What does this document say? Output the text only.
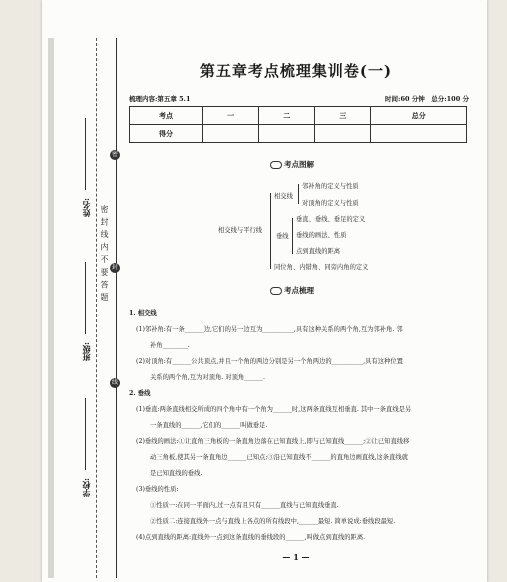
密 封 线 内 不 要 答 题
密
封
线
姓名:
班级:
学校:
第五章考点梳理集训卷(一)
梳理内容:第五章 5.1	时间:60 分钟　总分:100 分
考点	一	二	三	总分
得分				
考点图解
相交线与平行线
相交线
邻补角的定义与性质
对顶角的定义与性质
垂线
垂直、垂线、垂足的定义
垂线的画法、性质
点到直线的距离
同位角、内错角、同旁内角的定义
考点梳理
1. 相交线
(1)邻补角:有一条______边,它们的另一边互为__________,具有这种关系的两个角,互为邻补角. 邻
补角________.
(2)对顶角:有______公共顶点,并且一个角的两边分别是另一个角两边的__________,具有这种位置
关系的两个角,互为对顶角. 对顶角______.
2. 垂线
(1)垂直:两条直线相交所成的四个角中有一个角为______时,这两条直线互相垂直. 其中一条直线是另
一条直线的______,它们的______叫做垂足.
(2)垂线的画法:①让直角三角板的一条直角边落在已知直线上,即与已知直线______;②让已知直线移
动三角板,使其另一条直角边______已知点;③沿已知直线不______的直角边画直线,这条直线就
是已知直线的垂线.
(3)垂线的性质:
①性质一:在同一平面内,过一点有且只有______直线与已知直线垂直.
②性质二:连接直线外一点与直线上各点的所有线段中,______最短. 简单说成:垂线段最短.
(4)点到直线的距离:直线外一点到这条直线的垂线段的______,叫做点到直线的距离.
— 1 —
